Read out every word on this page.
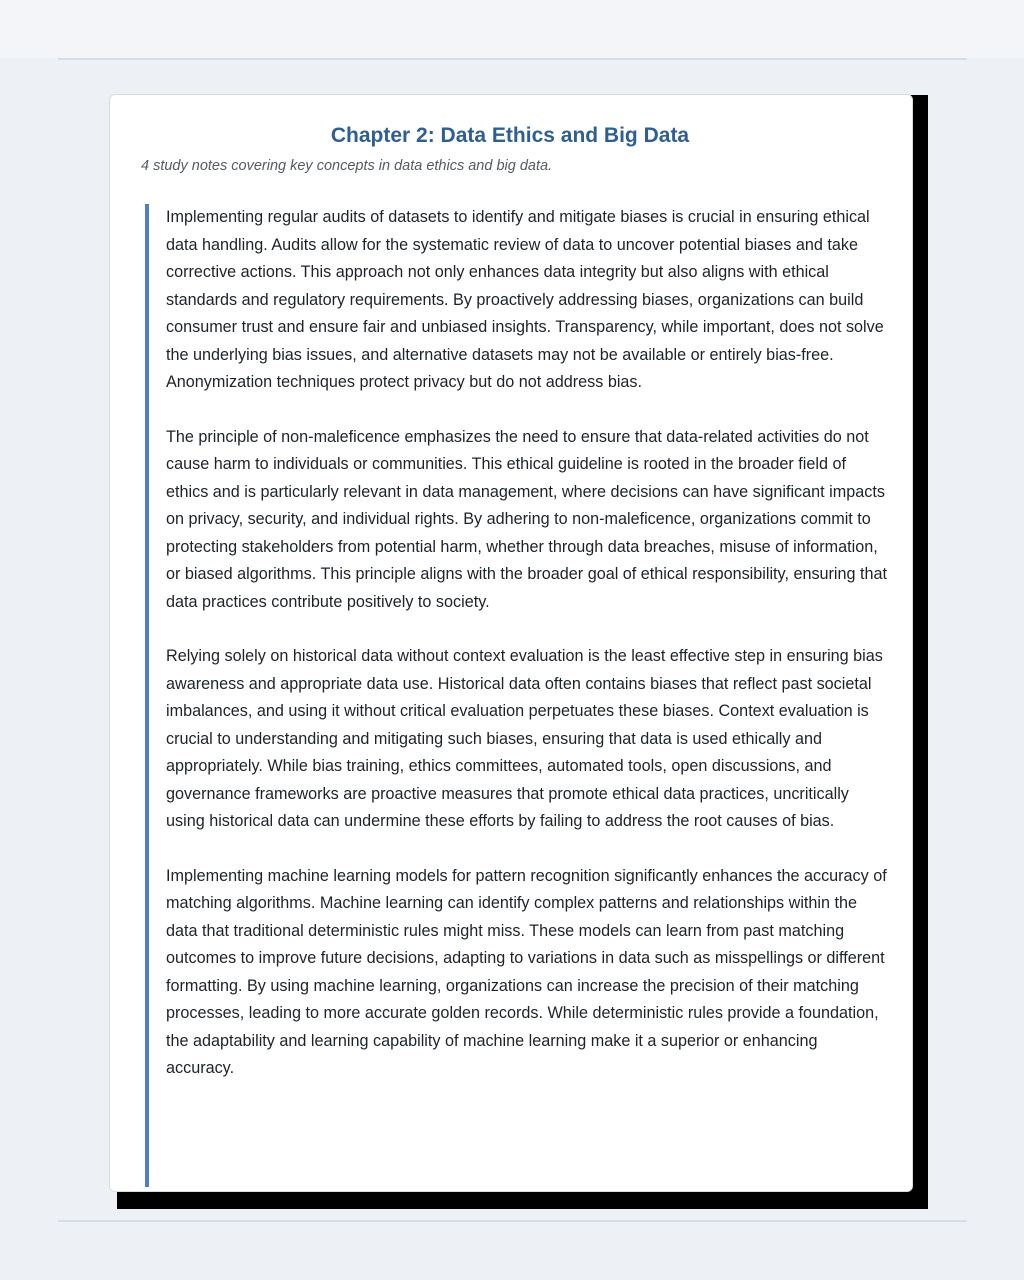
Chapter 2: Data Ethics and Big Data
4 study notes covering key concepts in data ethics and big data.

Implementing regular audits of datasets to identify and mitigate biases is crucial in ensuring ethical data handling. Audits allow for the systematic review of data to uncover potential biases and take corrective actions. This approach not only enhances data integrity but also aligns with ethical standards and regulatory requirements. By proactively addressing biases, organizations can build consumer trust and ensure fair and unbiased insights. Transparency, while important, does not solve the underlying bias issues, and alternative datasets may not be available or entirely bias-free. Anonymization techniques protect privacy but do not address bias.

The principle of non-maleficence emphasizes the need to ensure that data-related activities do not cause harm to individuals or communities. This ethical guideline is rooted in the broader field of ethics and is particularly relevant in data management, where decisions can have significant impacts on privacy, security, and individual rights. By adhering to non-maleficence, organizations commit to protecting stakeholders from potential harm, whether through data breaches, misuse of information, or biased algorithms. This principle aligns with the broader goal of ethical responsibility, ensuring that data practices contribute positively to society.

Relying solely on historical data without context evaluation is the least effective step in ensuring bias awareness and appropriate data use. Historical data often contains biases that reflect past societal imbalances, and using it without critical evaluation perpetuates these biases. Context evaluation is crucial to understanding and mitigating such biases, ensuring that data is used ethically and appropriately. While bias training, ethics committees, automated tools, open discussions, and governance frameworks are proactive measures that promote ethical data practices, uncritically using historical data can undermine these efforts by failing to address the root causes of bias.

Implementing machine learning models for pattern recognition significantly enhances the accuracy of matching algorithms. Machine learning can identify complex patterns and relationships within the data that traditional deterministic rules might miss. These models can learn from past matching outcomes to improve future decisions, adapting to variations in data such as misspellings or different formatting. By using machine learning, organizations can increase the precision of their matching processes, leading to more accurate golden records. While deterministic rules provide a foundation, the adaptability and learning capability of machine learning make it a superior or enhancing accuracy.
